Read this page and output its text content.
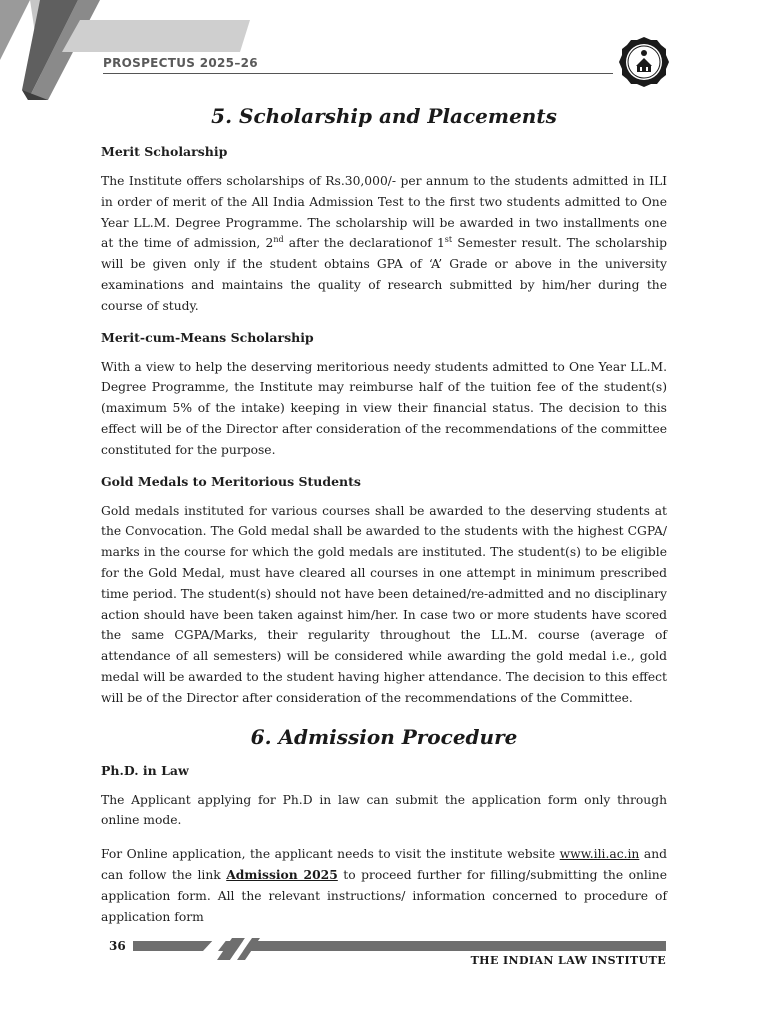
PROSPECTUS 2025–26
5. Scholarship and Placements
Merit Scholarship

The Institute offers scholarships of Rs.30,000/- per annum to the students admitted in ILI in order of merit of the All India Admission Test to the first two students admitted to One Year LL.M. Degree Programme. The scholarship will be awarded in two installments one at the time of admission, 2nd after the declarationof 1st Semester result. The scholarship will be given only if the student obtains GPA of ‘A’ Grade or above in the university examinations and maintains the quality of research submitted by him/her during the course of study.

Merit-cum-Means Scholarship

With a view to help the deserving meritorious needy students admitted to One Year LL.M. Degree Programme, the Institute may reimburse half of the tuition fee of the student(s) (maximum 5% of the intake) keeping in view their financial status. The decision to this effect will be of the Director after consideration of the recommendations of the committee constituted for the purpose.

Gold Medals to Meritorious Students

Gold medals instituted for various courses shall be awarded to the deserving students at the Convocation. The Gold medal shall be awarded to the students with the highest CGPA/ marks in the course for which the gold medals are instituted. The student(s) to be eligible for the Gold Medal, must have cleared all courses in one attempt in minimum prescribed time period. The student(s) should not have been detained/re-admitted and no disciplinary action should have been taken against him/her. In case two or more students have scored the same CGPA/Marks, their regularity throughout the LL.M. course (average of attendance of all semesters) will be considered while awarding the gold medal i.e., gold medal will be awarded to the student having higher attendance. The decision to this effect will be of the Director after consideration of the recommendations of the Committee.

6. Admission Procedure
Ph.D. in Law

The Applicant applying for Ph.D in law can submit the application form only through online mode.

For Online application, the applicant needs to visit the institute website www.ili.ac.in and can follow the link Admission 2025 to proceed further for filling/submitting the online application form. All the relevant instructions/ information concerned to procedure of application form

36
THE INDIAN LAW INSTITUTE
